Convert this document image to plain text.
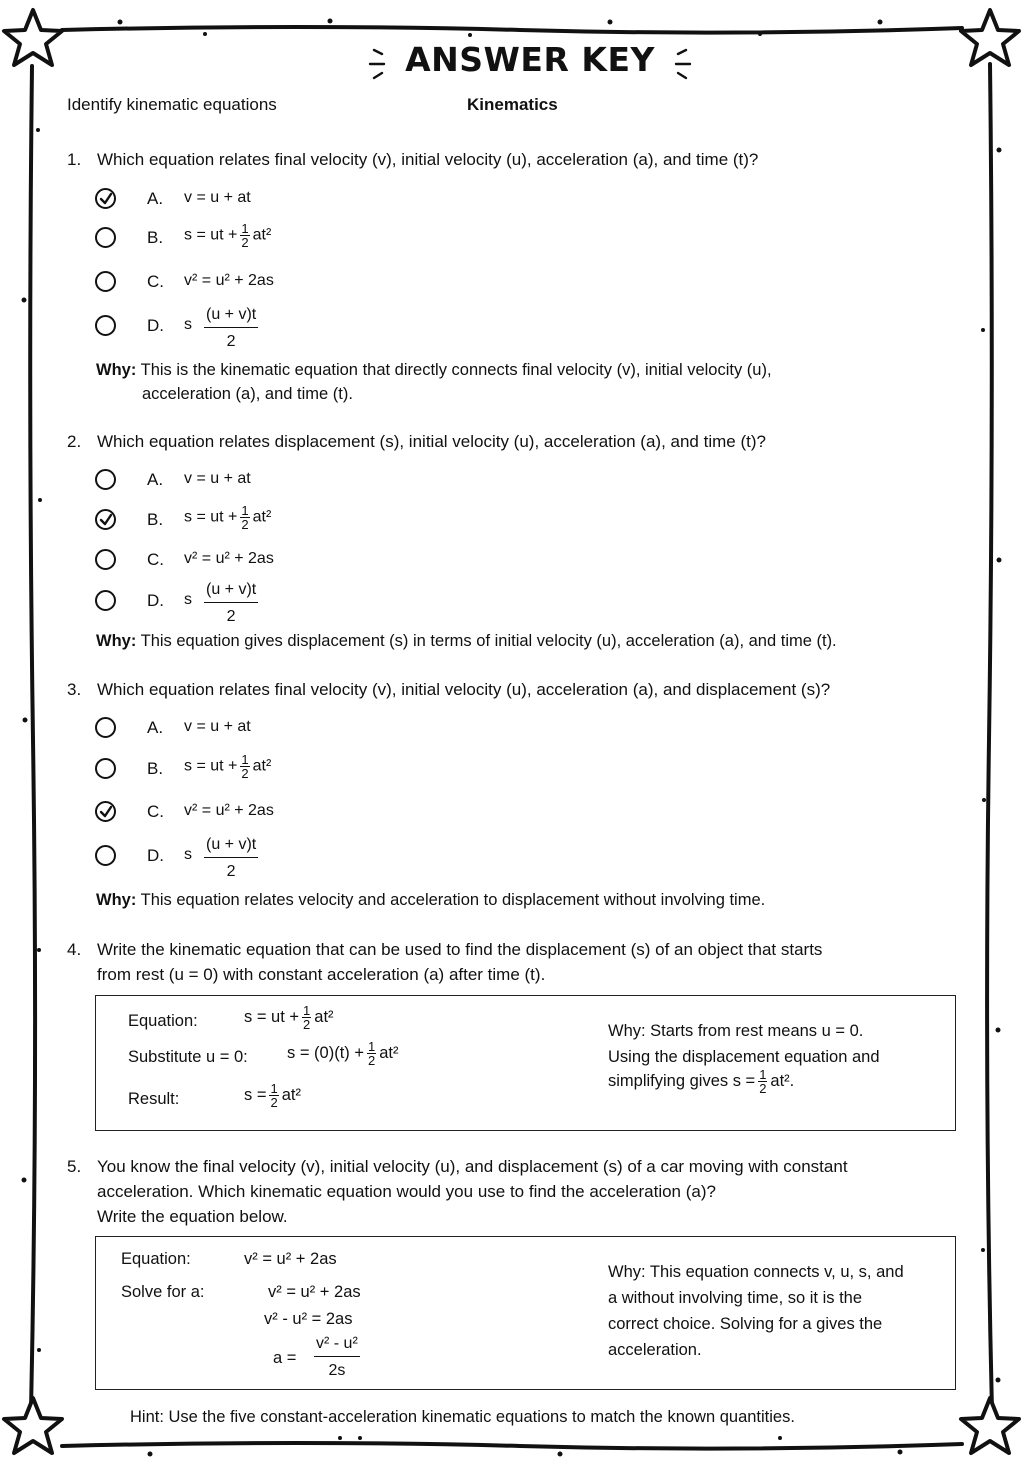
ANSWER KEY
Identify kinematic equations	Kinematics
1. Which equation relates final velocity (v), initial velocity (u), acceleration (a), and time (t)?
A. v = u + at
B. s = ut + $\frac{1}{2} at^2$
C. v² = u² + 2as
D. s $\frac{(u + v)t}{2}$
Why: This is the kinematic equation that directly connects final velocity (v), initial velocity (u),
acceleration (a), and time (t).
2. Which equation relates displacement (s), initial velocity (u), acceleration (a), and time (t)?
A. v = u + at
B. s = ut + $\frac{1}{2} at^2$
C. v² = u² + 2as
D. s $\frac{(u + v)t}{2}$
Why: This equation gives displacement (s) in terms of initial velocity (u), acceleration (a), and time (t).
3. Which equation relates final velocity (v), initial velocity (u), acceleration (a), and displacement (s)?
A. v = u + at
B. s = ut + $\frac{1}{2} at^2$
C. v² = u² + 2as
D. s $\frac{(u + v)t}{2}$
Why: This equation relates velocity and acceleration to displacement without involving time.
4. Write the kinematic equation that can be used to find the displacement (s) of an object that starts
from rest (u = 0) with constant acceleration (a) after time (t).
Equation:	s = ut + $\frac{1}{2} at^2$
Substitute u = 0: $s = (0)(t) + \frac{1}{2} at^2$
Result:	$s = \frac{1}{2} at^2$
Why: Starts from rest means u = 0.
Using the displacement equation and
simplifying gives $s = \frac{1}{2} at^2$.
5. You know the final velocity (v), initial velocity (u), and displacement (s) of a car moving with constant
acceleration. Which kinematic equation would you use to find the acceleration (a)?
Write the equation below.
Equation:	v² = u² + 2as
Solve for a:	v² = u² + 2as
v² - u² = 2as
$a = \frac{\text{v² - u²}}{2s}$
Why: This equation connects v, u, s, and
a without involving time, so it is the
correct choice. Solving for a gives the
acceleration.
Hint: Use the five constant-acceleration kinematic equations to match the known quantities.
